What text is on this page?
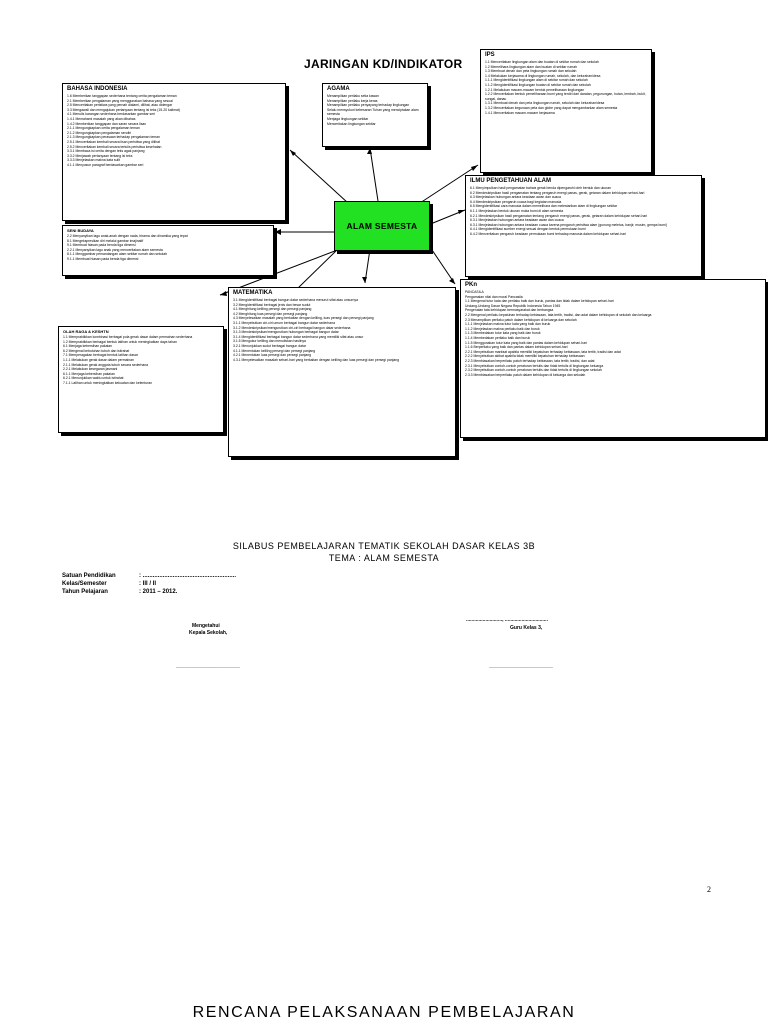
JARINGAN KD/INDIKATOR
ALAM SEMESTA
BAHASA INDONESIA
1.6 Memberikan tanggapan sederhana tentang cerita pengalaman teman
2.1 Memberikan pengalaman yang menggunakan bahasa yang sesuai
2.5 Menceritakan peristiwa yang pernah dialami, dilihat, atau didengar
3.3 Mengawali dan mengajukan pertanyaan tentang isi teks (15-20 kalimat)
4.1 Menulis karangan sederhana berdasarkan gambar seri
1.4.1 Memahami masalah yang akan dibahas
1.4.2 Memberikan tanggapan dan saran secara lisan
2.1.1 Mengungkapkan cerita pengalaman teman
2.1.2 Mengungkapkan pengalaman sendiri
2.1.3 Mengungkapkan perasaan terhadap pengalaman teman
2.5.1 Menceritakan kembali secara lisan peristiwa yang dilihat
2.5.2 Menceritakan kembali secara tertulis peristiwa kesehatan
3.3.1 Membaca isi cerita dengan teks agak panjang
3.3.2 Menjawab pertanyaan tentang isi teks
3.3.3 Menjelaskan makna kata sulit
4.1.1 Menyusun paragraf berdasarkan gambar seri
AGAMA
Menampilkan perilaku setia kawan
Menampilkan perilaku kerja keras
Menampilkan perilaku penyayang terhadap lingkungan
Selalu mensyukuri kebesaran Tuhan yang menciptakan alam semesta
Menjaga lingkungan sekitar
Menceritakan lingkungan sekitar
IPS
1.1 Menceritakan lingkungan alam dan buatan di sekitar rumah dan sekolah
1.2 Memelihara lingkungan alam dan buatan di sekitar rumah
1.3 Membuat denah dan peta lingkungan rumah dan sekolah
1.4 Melakukan kerjasama di lingkungan rumah, sekolah, dan kelurahan/desa
1.1.1 Mengidentifikasi lingkungan alam di sekitar rumah dan sekolah
1.1.2 Mengidentifikasi lingkungan buatan di sekitar rumah dan sekolah
1.2.1 Melakukan macam-macam bentuk pemeliharaan lingkungan
1.2.2 Menceritakan bentuk pemeliharaan bumi yang terdiri dari daratan, pegunungan, hutan, lembah, bukit, sungai, danau
1.3.1 Membuat denah dan peta lingkungan rumah, sekolah dan kelurahan/desa
1.3.2 Menceritakan kegunaan peta dan globe yang dapat mengambarkan alam semesta
1.4.1 Menceritakan macam-macam kerjasama
ILMU PENGETAHUAN ALAM
6.1 Menyimpulkan hasil pengamatan bahwa gerak benda dipengaruhi oleh bentuk dan ukuran
6.2 Mendeskripsikan hasil pengamatan tentang pengaruh energi panas, gerak, getaran dalam kehidupan sehari-hari
6.3 Menjelaskan hubungan antara keadaan awan dan cuaca
6.4 Mendeskripsikan pengaruh cuaca bagi kegiatan manusia
6.5 Mengidentifikasi cara manusia dalam memelihara dan melestarikan alam di lingkungan sekitar
6.1.1 Menjelaskan bentuk ukuran muka bumi di alam semesta
6.2.1 Mendeskripsikan hasil pengamatan tentang pengaruh energi panas, gerak, getaran dalam kehidupan sehari-hari
6.3.1 Menjelaskan hubungan antara keadaan awan dan cuaca
6.3.1 Menjelaskan hubungan antara keadaan cuaca karena pengaruh peristiwa alam (gunung meletus, banjir, musim, gempa bumi)
6.4.1 Mengidentifikasi sumber energi sesuai dengan bentuk permukaan bumi
6.4.2 Menceritakan pengaruh keadaan permukaan bumi terhadap manusia dalam kehidupan sehari-hari
SENI BUDAYA
2.2 Menyanyikan lagu anak-anak dengan nada, birama dan dinamika yang tepat
8.1 Mengekspresikan diri melalui gambar imajinatif
9.1 Membuat hiasan pada benda tiga dimensi
2.2.1 Menyanyikan lagu anak yang menceritakan alam semesta
8.1.1 Menggambar pemandangan alam sekitar rumah dan sekolah
9.1.1 Membuat hiasan pada benda tiga dimensi
MATEMATIKA
3.1 Mengidentifikasi berbagai bangun datar sederhana menurut sifat atau unsurnya
3.2 Mengidentifikasi berbagai jenis dan besar sudut
4.1 Menghitung keliling persegi dan persegi panjang
4.2 Menghitung luas persegi dan persegi panjang
4.3 Menyelesaikan masalah yang berkaitan dengan keliling, luas persegi dan persegi panjang
3.1.1 Menyebutkan ciri-ciri umum berbagai bangun datar sederhana
3.1.2 Mendeskripsikan/mengurutkan ciri-ciri berbagai bangun datar sederhana
3.1.3 Mendeskripsikan/mengurutkan hubungan berbagai bangun datar
3.1.4 Mengidentifikasi berbagai bangun datar sederhana yang memiliki sifat atau unsur
3.1.5 Mengukur keliling dan menuliskan hasilnya
3.2.1 Menunjukkan sudut berbagai bangun datar
4.1.1 Menentukan keliling persegi dan persegi panjang
4.2.1 Menentukan luas persegi dan persegi panjang
4.3.1 Menyelesaikan masalah sehari-hari yang berkaitan dengan keliling dan luas persegi dan persegi panjang
OLAH RAGA & KESHTN
1.1 Mempraktikkan kombinasi berbagai pola gerak dasar dalam permainan sederhana
1.2 Mempraktikkan berbagai bentuk latihan untuk meningkatkan daya tahan
6.1 Menjaga kebersihan pakaian
6.2 Mengenal kebutuhan tubuh dan istirahat
7.1 Memperagakan berbagai bentuk latihan dasar
1.1.1 Melakukan gerak dasar dalam permainan
2.1.1 Melakukan gerak anggota tubuh secara sederhana
2.2.1 Melakukan kesegaran jasmani
6.1.1 Menjaga kebersihan pakaian
6.2.1 Menunjukkan waktu untuk istirahat
7.1.1 Latihan untuk meningkatkan kekuatan dan kelenturan
PKn
PANCASILA
Pengamalan nilai dan moral Pancasila
1.1 Mengenal tutur kata dan perilaku baik dan buruk, pantas dan tidak dalam kehidupan sehari-hari
Undang-Undang Dasar Negara Republik Indonesia Tahun 1945
Pengenalan tata kehidupan bermasyarakat dan berbangsa
2.2 Mengenal perilaku kepatuhan terhadap kebiasaan, tata tertib, tradisi, dan adat dalam kehidupan di sekolah dan keluarga
2.3 Menampilkan perilaku patuh dalam kehidupan di keluarga dan sekolah
1.1.1 Menjelaskan makna tutur kata yang baik dan buruk
1.1.2 Menjelaskan makna perilaku baik dan buruk
1.1.3 Membedakan tutur kata yang baik dan buruk
1.1.4 Membedakan perilaku baik dan buruk
1.1.5 Menggunakan tutur kata yang baik dan pantas dalam kehidupan sehari-hari
1.1.6 Berperilaku yang baik dan pantas dalam kehidupan sehari-hari
2.2.1 Menyebutkan manfaat apabila memiliki kepatuhan terhadap kebiasaan, tata tertib, tradisi dan adat
2.2.2 Menyebutkan akibat apabila tidak memiliki kepatuhan terhadap kebiasaan
2.2.3 Membiasakan berperilaku patuh terhadap kebiasaan, tata tertib, tradisi, dan adat
2.3.1 Menyebutkan contoh-contoh peraturan tertulis dan tidak tertulis di lingkungan keluarga
2.3.2 Menyebutkan contoh-contoh peraturan tertulis dan tidak tertulis di lingkungan sekolah
2.3.3 Membiasakan berperilaku patuh dalam kehidupan di keluarga dan sekolah
SILABUS PEMBELAJARAN TEMATIK SEKOLAH DASAR KELAS 3B
TEMA : ALAM SEMESTA
Satuan Pendidikan	: ........................................................
Kelas/Semester	: III / II
Tahun Pelajaran	: 2011 – 2012.
Mengetahui
Kepala Sekolah,
_______________________
.........................., ...............................
Guru Kelas 3,
_______________________
2
RENCANA PELAKSANAAN PEMBELAJARAN
